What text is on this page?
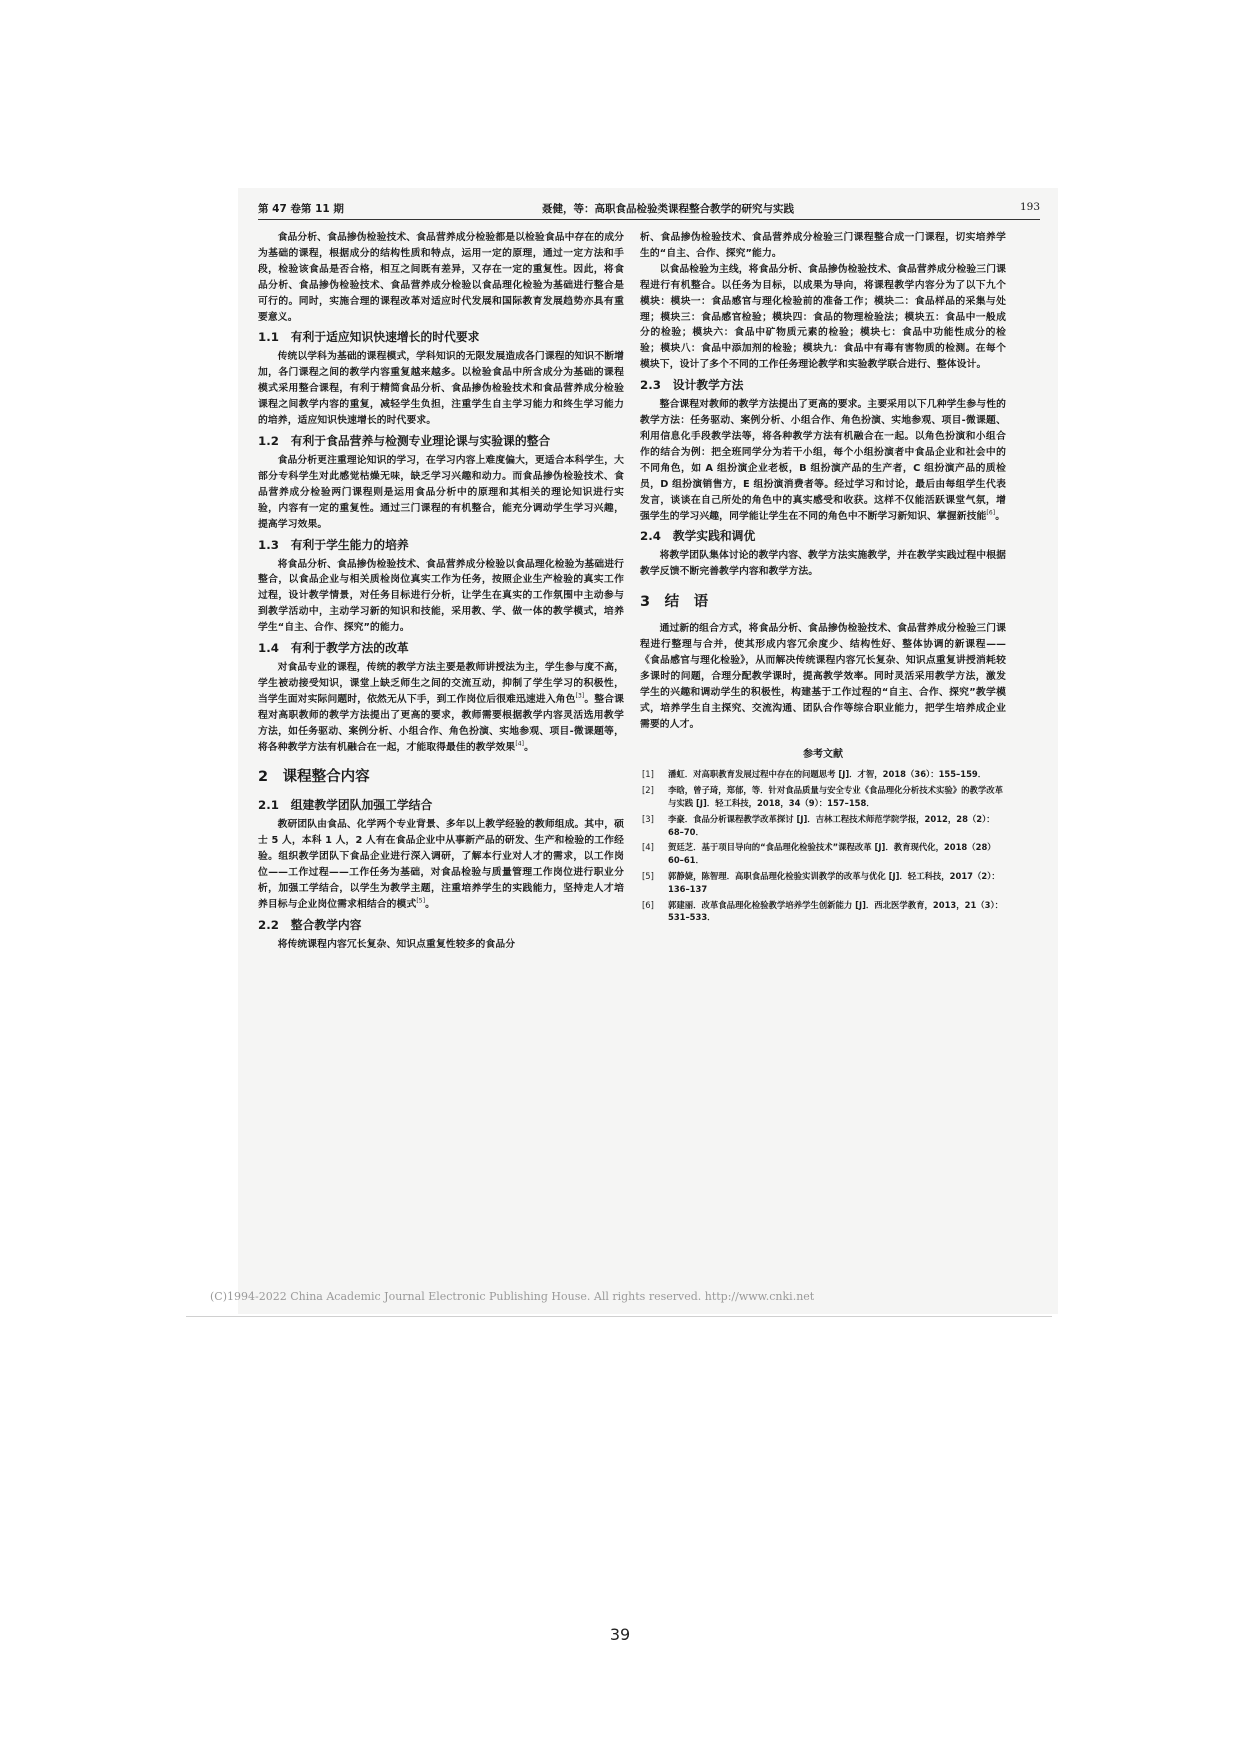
第 47 卷第 11 期	聂健，等：高职食品检验类课程整合教学的研究与实践	193

食品分析、食品掺伪检验技术、食品营养成分检验都是以检验食品中存在的成分为基础的课程，根据成分的结构性质和特点，运用一定的原理，通过一定方法和手段，检验该食品是否合格，相互之间既有差异，又存在一定的重复性。因此，将食品分析、食品掺伪检验技术、食品营养成分检验以食品理化检验为基础进行整合是可行的。同时，实施合理的课程改革对适应时代发展和国际教育发展趋势亦具有重要意义。

1.1　有利于适应知识快速增长的时代要求

传统以学科为基础的课程模式，学科知识的无限发展造成各门课程的知识不断增加，各门课程之间的教学内容重复越来越多。以检验食品中所含成分为基础的课程模式采用整合课程，有利于精简食品分析、食品掺伪检验技术和食品营养成分检验课程之间教学内容的重复，减轻学生负担，注重学生自主学习能力和终生学习能力的培养，适应知识快速增长的时代要求。

1.2　有利于食品营养与检测专业理论课与实验课的整合

食品分析更注重理论知识的学习，在学习内容上难度偏大，更适合本科学生，大部分专科学生对此感觉枯燥无味，缺乏学习兴趣和动力。而食品掺伪检验技术、食品营养成分检验两门课程则是运用食品分析中的原理和其相关的理论知识进行实验，内容有一定的重复性。通过三门课程的有机整合，能充分调动学生学习兴趣，提高学习效果。

1.3　有利于学生能力的培养

将食品分析、食品掺伪检验技术、食品营养成分检验以食品理化检验为基础进行整合，以食品企业与相关质检岗位真实工作为任务，按照企业生产检验的真实工作过程，设计教学情景，对任务目标进行分析，让学生在真实的工作氛围中主动参与到教学活动中，主动学习新的知识和技能，采用教、学、做一体的教学模式，培养学生“自主、合作、探究”的能力。

1.4　有利于教学方法的改革

对食品专业的课程，传统的教学方法主要是教师讲授法为主，学生参与度不高，学生被动接受知识，课堂上缺乏师生之间的交流互动，抑制了学生学习的积极性，当学生面对实际问题时，依然无从下手，到工作岗位后很难迅速进入角色[3]。整合课程对高职教师的教学方法提出了更高的要求，教师需要根据教学内容灵活选用教学方法，如任务驱动、案例分析、小组合作、角色扮演、实地参观、项目-微课题等，将各种教学方法有机融合在一起，才能取得最佳的教学效果[4]。

2　课程整合内容
2.1　组建教学团队加强工学结合

教研团队由食品、化学两个专业背景、多年以上教学经验的教师组成。其中，硕士 5 人，本科 1 人，2 人有在食品企业中从事新产品的研发、生产和检验的工作经验。组织教学团队下食品企业进行深入调研，了解本行业对人才的需求，以工作岗位——工作过程——工作任务为基础，对食品检验与质量管理工作岗位进行职业分析，加强工学结合，以学生为教学主题，注重培养学生的实践能力，坚持走人才培养目标与企业岗位需求相结合的模式[5]。

2.2　整合教学内容

将传统课程内容冗长复杂、知识点重复性较多的食品分

析、食品掺伪检验技术、食品营养成分检验三门课程整合成一门课程，切实培养学生的“自主、合作、探究”能力。

以食品检验为主线，将食品分析、食品掺伪检验技术、食品营养成分检验三门课程进行有机整合。以任务为目标，以成果为导向，将课程教学内容分为了以下九个模块：模块一：食品感官与理化检验前的准备工作；模块二：食品样品的采集与处理；模块三：食品感官检验；模块四：食品的物理检验法；模块五：食品中一般成分的检验；模块六：食品中矿物质元素的检验；模块七：食品中功能性成分的检验；模块八：食品中添加剂的检验；模块九：食品中有毒有害物质的检测。在每个模块下，设计了多个不同的工作任务理论教学和实验教学联合进行、整体设计。

2.3　设计教学方法

整合课程对教师的教学方法提出了更高的要求。主要采用以下几种学生参与性的教学方法：任务驱动、案例分析、小组合作、角色扮演、实地参观、项目-微课题、利用信息化手段教学法等，将各种教学方法有机融合在一起。以角色扮演和小组合作的结合为例：把全班同学分为若干小组，每个小组扮演者中食品企业和社会中的不同角色，如 A 组扮演企业老板，B 组扮演产品的生产者，C 组扮演产品的质检员，D 组扮演销售方，E 组扮演消费者等。经过学习和讨论，最后由每组学生代表发言，谈谈在自己所处的角色中的真实感受和收获。这样不仅能活跃课堂气氛，增强学生的学习兴趣，同学能让学生在不同的角色中不断学习新知识、掌握新技能[6]。

2.4　教学实践和调优

将教学团队集体讨论的教学内容、教学方法实施教学，并在教学实践过程中根据教学反馈不断完善教学内容和教学方法。

3　结　语

通过新的组合方式，将食品分析、食品掺伪检验技术、食品营养成分检验三门课程进行整理与合并，使其形成内容冗余度少、结构性好、整体协调的新课程——《食品感官与理化检验》，从而解决传统课程内容冗长复杂、知识点重复讲授消耗较多课时的问题，合理分配教学课时，提高教学效率。同时灵活采用教学方法，激发学生的兴趣和调动学生的积极性，构建基于工作过程的“自主、合作、探究”教学模式，培养学生自主探究、交流沟通、团队合作等综合职业能力，把学生培养成企业需要的人才。

参考文献
[1] 潘虹．对高职教育发展过程中存在的问题思考 [J]．才智，2018（36）：155–159．
[2] 李晗，曾子琦，郑郁，等．针对食品质量与安全专业《食品理化分析技术实验》的教学改革与实践 [J]．轻工科技，2018，34（9）：157–158．
[3] 李豪．食品分析课程教学改革探讨 [J]．吉林工程技术师范学院学报，2012，28（2）：68–70．
[4] 贺廷芝．基于项目导向的“食品理化检验技术”课程改革 [J]．教育现代化，2018（28）60–61．
[5] 郭静婕，陈智理．高职食品理化检验实训教学的改革与优化 [J]．轻工科技，2017（2）：136–137
[6] 郭建丽．改革食品理化检验教学培养学生创新能力 [J]．西北医学教育，2013，21（3）：531–533．
(C)1994-2022 China Academic Journal Electronic Publishing House. All rights reserved. http://www.cnki.net
39
